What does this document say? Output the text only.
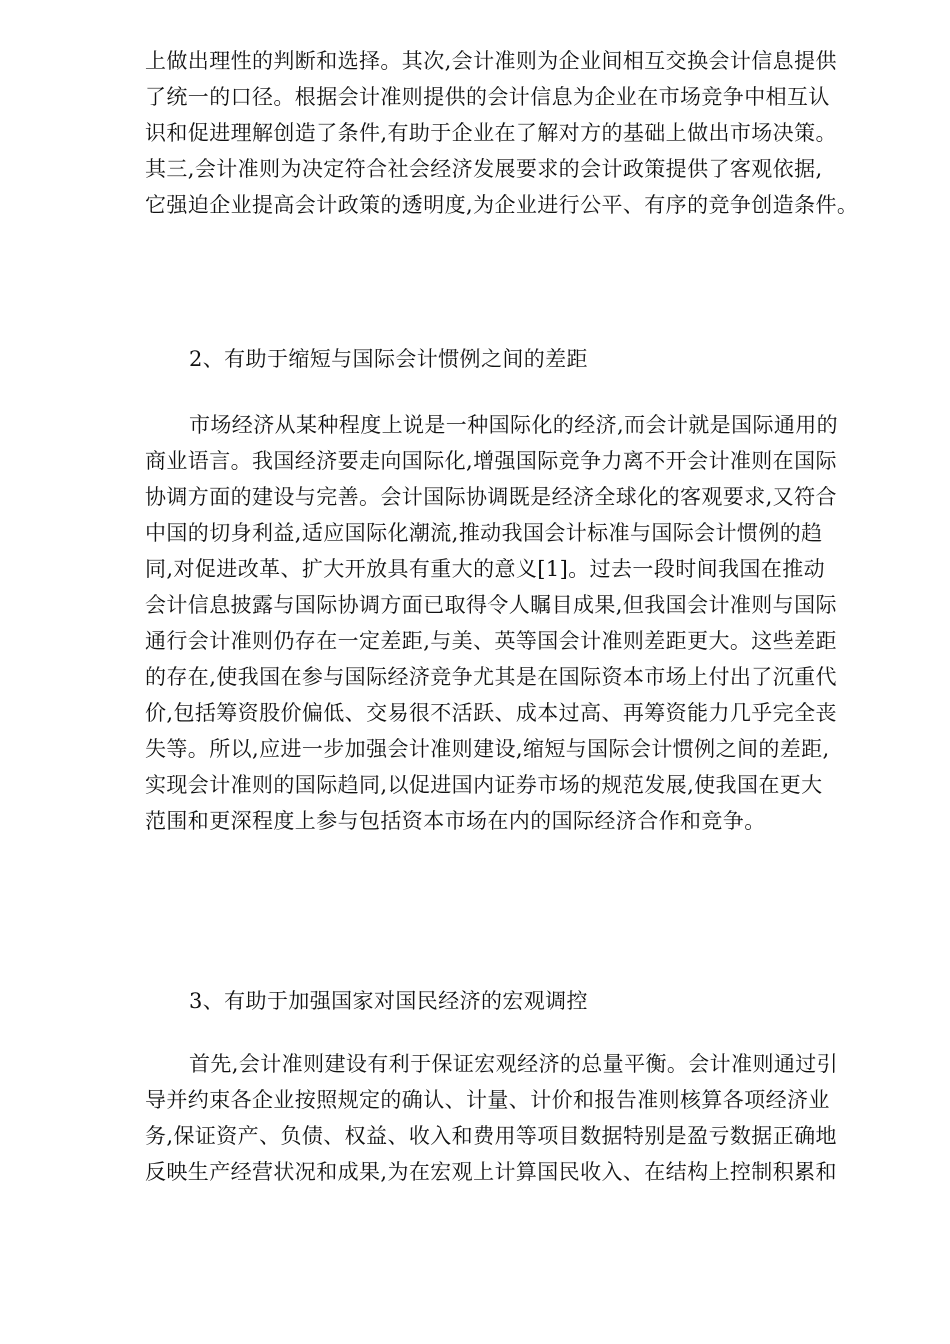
上做出理性的判断和选择。其次,会计准则为企业间相互交换会计信息提供
了统一的口径。根据会计准则提供的会计信息为企业在市场竞争中相互认
识和促进理解创造了条件,有助于企业在了解对方的基础上做出市场决策。
其三,会计准则为决定符合社会经济发展要求的会计政策提供了客观依据,
它强迫企业提高会计政策的透明度,为企业进行公平、有序的竞争创造条件。
2、有助于缩短与国际会计惯例之间的差距
市场经济从某种程度上说是一种国际化的经济,而会计就是国际通用的
商业语言。我国经济要走向国际化,增强国际竞争力离不开会计准则在国际
协调方面的建设与完善。会计国际协调既是经济全球化的客观要求,又符合
中国的切身利益,适应国际化潮流,推动我国会计标准与国际会计惯例的趋
同,对促进改革、扩大开放具有重大的意义[1]。过去一段时间我国在推动
会计信息披露与国际协调方面已取得令人瞩目成果,但我国会计准则与国际
通行会计准则仍存在一定差距,与美、英等国会计准则差距更大。这些差距
的存在,使我国在参与国际经济竞争尤其是在国际资本市场上付出了沉重代
价,包括筹资股价偏低、交易很不活跃、成本过高、再筹资能力几乎完全丧
失等。所以,应进一步加强会计准则建设,缩短与国际会计惯例之间的差距,
实现会计准则的国际趋同,以促进国内证券市场的规范发展,使我国在更大
范围和更深程度上参与包括资本市场在内的国际经济合作和竞争。
3、有助于加强国家对国民经济的宏观调控
首先,会计准则建设有利于保证宏观经济的总量平衡。会计准则通过引
导并约束各企业按照规定的确认、计量、计价和报告准则核算各项经济业
务,保证资产、负债、权益、收入和费用等项目数据特别是盈亏数据正确地
反映生产经营状况和成果,为在宏观上计算国民收入、在结构上控制积累和
